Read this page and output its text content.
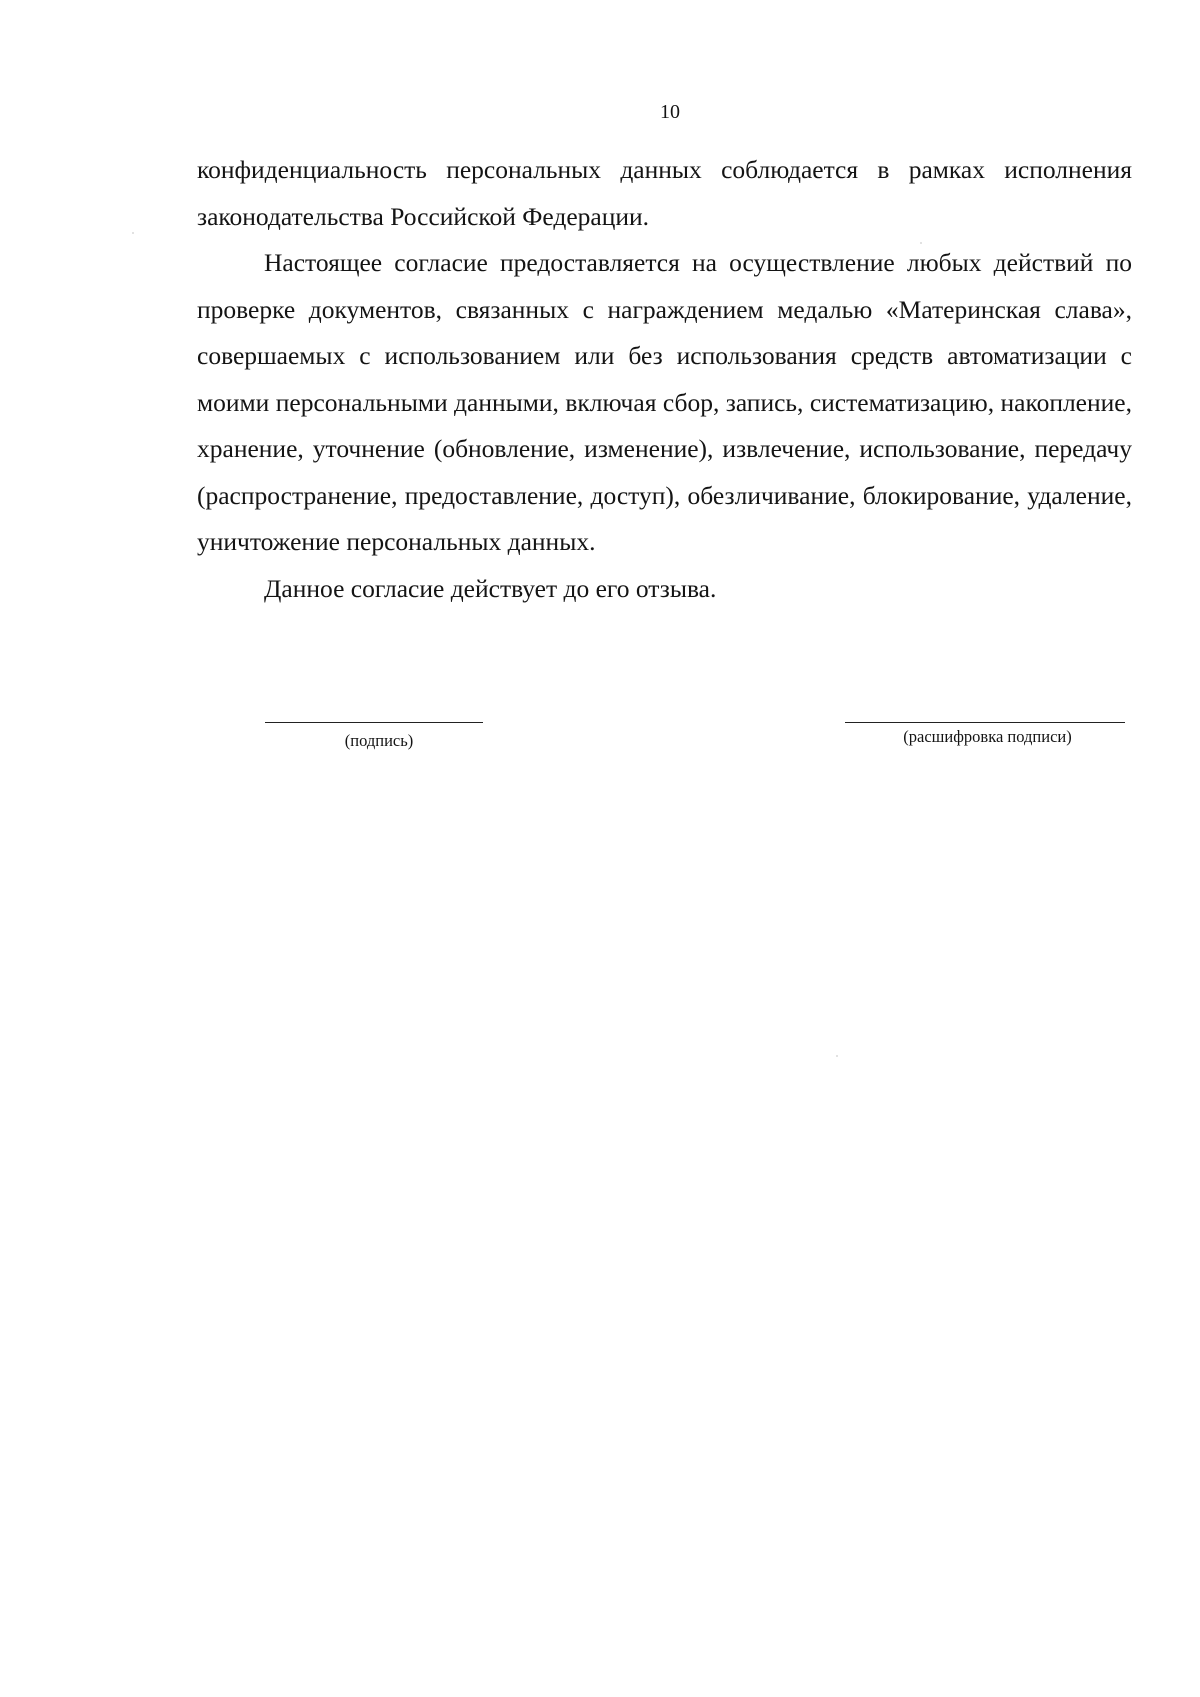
10

конфиденциальность персональных данных соблюдается в рамках исполнения законодательства Российской Федерации.

Настоящее согласие предоставляется на осуществление любых действий по проверке документов, связанных с награждением медалью «Материнская слава», совершаемых с использованием или без использования средств автоматизации с моими персональными данными, включая сбор, запись, систематизацию, накопление, хранение, уточнение (обновление, изменение), извлечение, использование, передачу (распространение, предоставление, доступ), обезличивание, блокирование, удаление, уничтожение персональных данных.

Данное согласие действует до его отзыва.

(подпись)	(расшифровка подписи)
